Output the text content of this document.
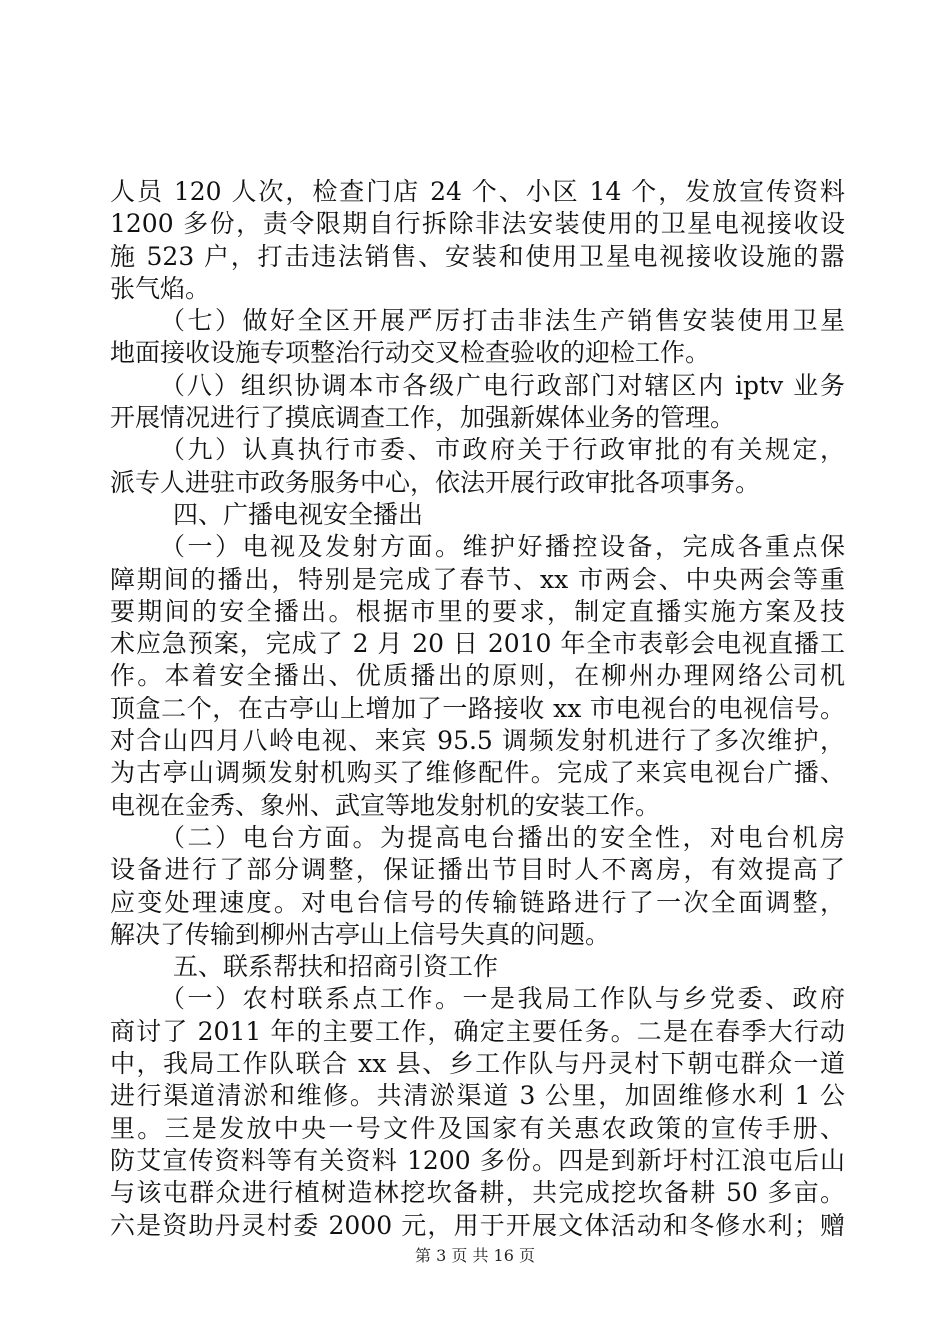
人员 120 人次，检查门店 24 个、小区 14 个，发放宣传资料
1200 多份，责令限期自行拆除非法安装使用的卫星电视接收设
施 523 户，打击违法销售、安装和使用卫星电视接收设施的嚣
张气焰。
（七）做好全区开展严厉打击非法生产销售安装使用卫星
地面接收设施专项整治行动交叉检查验收的迎检工作。
（八）组织协调本市各级广电行政部门对辖区内 iptv 业务
开展情况进行了摸底调查工作，加强新媒体业务的管理。
（九）认真执行市委、市政府关于行政审批的有关规定，
派专人进驻市政务服务中心，依法开展行政审批各项事务。
四、广播电视安全播出
（一）电视及发射方面。维护好播控设备，完成各重点保
障期间的播出，特别是完成了春节、xx 市两会、中央两会等重
要期间的安全播出。根据市里的要求，制定直播实施方案及技
术应急预案，完成了 2 月 20 日 2010 年全市表彰会电视直播工
作。本着安全播出、优质播出的原则，在柳州办理网络公司机
顶盒二个，在古亭山上增加了一路接收 xx 市电视台的电视信号。
对合山四月八岭电视、来宾 95.5 调频发射机进行了多次维护，
为古亭山调频发射机购买了维修配件。完成了来宾电视台广播、
电视在金秀、象州、武宣等地发射机的安装工作。
（二）电台方面。为提高电台播出的安全性，对电台机房
设备进行了部分调整，保证播出节目时人不离房，有效提高了
应变处理速度。对电台信号的传输链路进行了一次全面调整，
解决了传输到柳州古亭山上信号失真的问题。
五、联系帮扶和招商引资工作
（一）农村联系点工作。一是我局工作队与乡党委、政府
商讨了 2011 年的主要工作，确定主要任务。二是在春季大行动
中，我局工作队联合 xx 县、乡工作队与丹灵村下朝屯群众一道
进行渠道清淤和维修。共清淤渠道 3 公里，加固维修水利 1 公
里。三是发放中央一号文件及国家有关惠农政策的宣传手册、
防艾宣传资料等有关资料 1200 多份。四是到新圩村江浪屯后山
与该屯群众进行植树造林挖坎备耕，共完成挖坎备耕 50 多亩。
六是资助丹灵村委 2000 元，用于开展文体活动和冬修水利；赠
第 3 页 共 16 页
